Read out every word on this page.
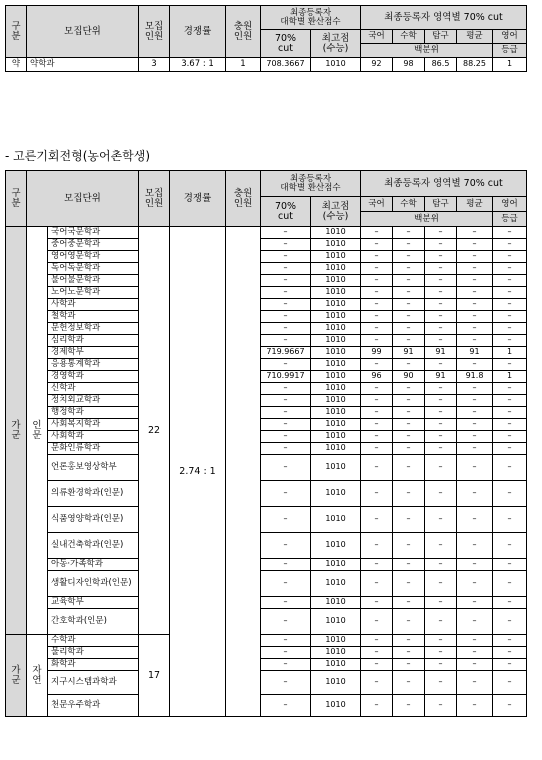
구
분	모집단위	모집
인원	경쟁률	충원
인원	최종등록자
대학별 환산점수		최종등록자 영역별 70% cut				
					70%
cut	최고점
(수능)	국어	수학	탐구	평균	영어
							백분위				등급
약	약학과	3	3.67 : 1	1	708.3667	1010	92	98	86.5	88.25	1
- 고른기회전형(농어촌학생)
구
분	모집단위		모집
인원	경쟁률	충원
인원	최종등록자
대학별 환산점수		최종등록자 영역별 70% cut				
						70%
cut	최고점
(수능)	국어	수학	탐구	평균	영어
								백분위				등급
가
군	인
문	국어국문학과	22	2.74 : 1		–	1010	–	–	–	–	–
		중어중문학과				–	1010	–	–	–	–	–
		영어영문학과				–	1010	–	–	–	–	–
		독어독문학과				–	1010	–	–	–	–	–
		불어불문학과				–	1010	–	–	–	–	–
		노어노문학과				–	1010	–	–	–	–	–
		사학과				–	1010	–	–	–	–	–
		철학과				–	1010	–	–	–	–	–
		문헌정보학과				–	1010	–	–	–	–	–
		심리학과				–	1010	–	–	–	–	–
		경제학부				719.9667	1010	99	91	91	91	1
		응용통계학과				–	1010	–	–	–	–	–
		경영학과				710.9917	1010	96	90	91	91.8	1
		신학과				–	1010	–	–	–	–	–
		정치외교학과				–	1010	–	–	–	–	–
		행정학과				–	1010	–	–	–	–	–
		사회복지학과				–	1010	–	–	–	–	–
		사회학과				–	1010	–	–	–	–	–
		문화인류학과				–	1010	–	–	–	–	–
		언론홍보영상학부				–	1010	–	–	–	–	–
		의류환경학과(인문)				–	1010	–	–	–	–	–
		식품영양학과(인문)				–	1010	–	–	–	–	–
		실내건축학과(인문)				–	1010	–	–	–	–	–
		아동·가족학과				–	1010	–	–	–	–	–
		생활디자인학과(인문)				–	1010	–	–	–	–	–
		교육학부				–	1010	–	–	–	–	–
		간호학과(인문)				–	1010	–	–	–	–	–
가
군	자
연	수학과	17			–	1010	–	–	–	–	–
		물리학과				–	1010	–	–	–	–	–
		화학과				–	1010	–	–	–	–	–
		지구시스템과학과				–	1010	–	–	–	–	–
		천문우주학과				–	1010	–	–	–	–	–
